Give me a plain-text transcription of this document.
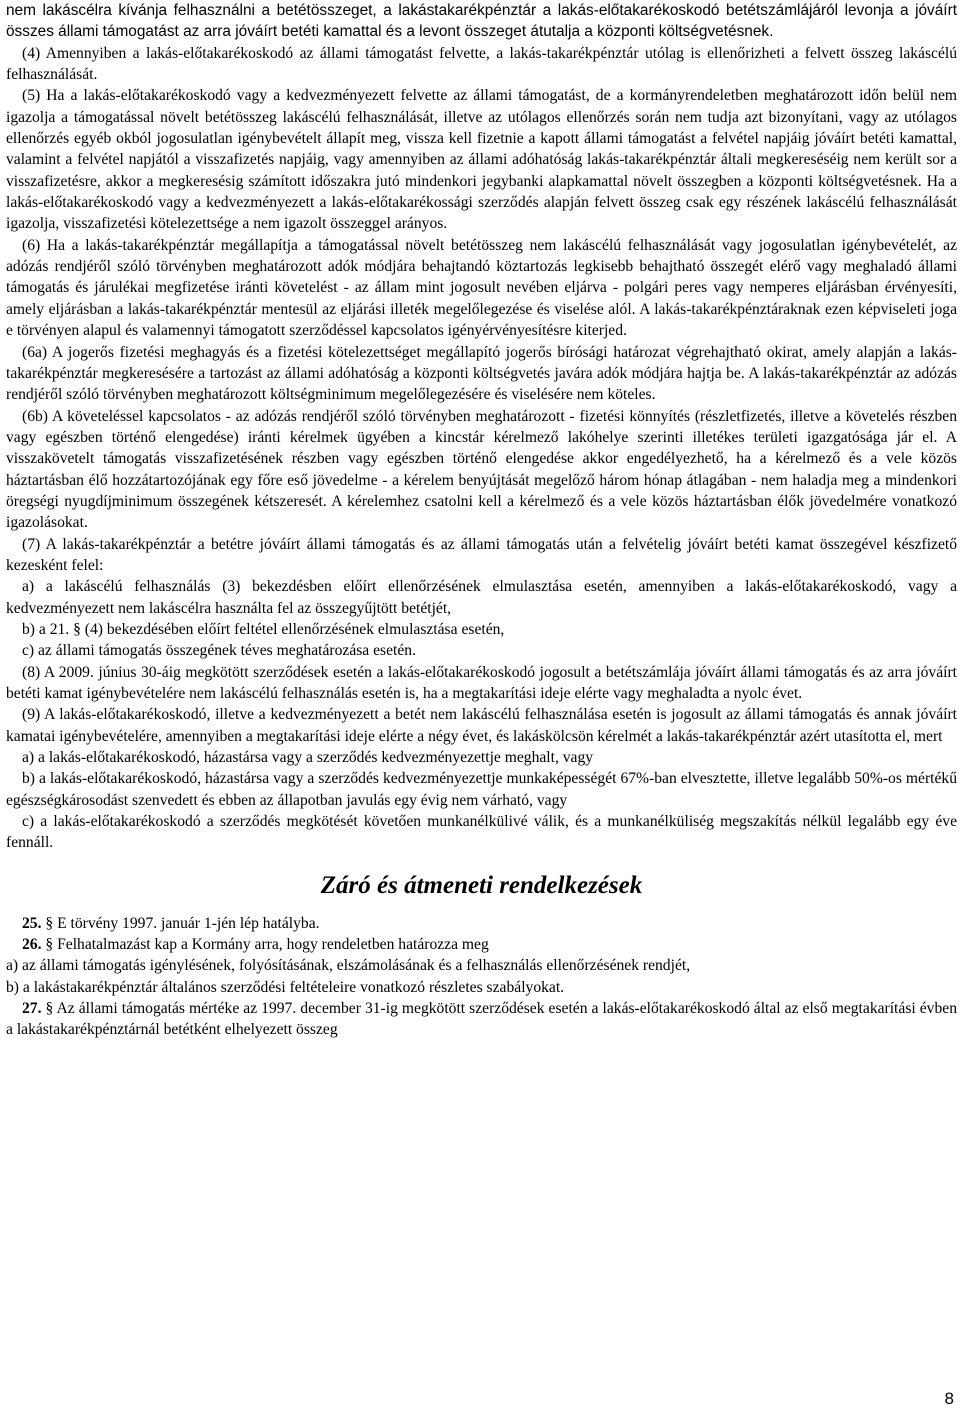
nem lakáscélra kívánja felhasználni a betétösszeget, a lakástakarékpénztár a lakás-előtakarékoskodó betétszámlájáról levonja a jóváírt összes állami támogatást az arra jóváírt betéti kamattal és a levont összeget átutalja a központi költségvetésnek.

(4) Amennyiben a lakás-előtakarékoskodó az állami támogatást felvette, a lakás-takarékpénztár utólag is ellenőrizheti a felvett összeg lakáscélú felhasználását.

(5) Ha a lakás-előtakarékoskodó vagy a kedvezményezett felvette az állami támogatást, de a kormányrendeletben meghatározott időn belül nem igazolja a támogatással növelt betétösszeg lakáscélú felhasználását, illetve az utólagos ellenőrzés során nem tudja azt bizonyítani, vagy az utólagos ellenőrzés egyéb okból jogosulatlan igénybevételt állapít meg, vissza kell fizetnie a kapott állami támogatást a felvétel napjáig jóváírt betéti kamattal, valamint a felvétel napjától a visszafizetés napjáig, vagy amennyiben az állami adóhatóság lakás-takarékpénztár általi megkereséséig nem került sor a visszafizetésre, akkor a megkeresésig számított időszakra jutó mindenkori jegybanki alapkamattal növelt összegben a központi költségvetésnek. Ha a lakás-előtakarékoskodó vagy a kedvezményezett a lakás-előtakarékossági szerződés alapján felvett összeg csak egy részének lakáscélú felhasználását igazolja, visszafizetési kötelezettsége a nem igazolt összeggel arányos.

(6) Ha a lakás-takarékpénztár megállapítja a támogatással növelt betétösszeg nem lakáscélú felhasználását vagy jogosulatlan igénybevételét, az adózás rendjéről szóló törvényben meghatározott adók módjára behajtandó köztartozás legkisebb behajtható összegét elérő vagy meghaladó állami támogatás és járulékai megfizetése iránti követelést - az állam mint jogosult nevében eljárva - polgári peres vagy nemperes eljárásban érvényesíti, amely eljárásban a lakás-takarékpénztár mentesül az eljárási illeték megelőlegezése és viselése alól. A lakás-takarékpénztáraknak ezen képviseleti joga e törvényen alapul és valamennyi támogatott szerződéssel kapcsolatos igényérvényesítésre kiterjed.

(6a) A jogerős fizetési meghagyás és a fizetési kötelezettséget megállapító jogerős bírósági határozat végrehajtható okirat, amely alapján a lakás-takarékpénztár megkeresésére a tartozást az állami adóhatóság a központi költségvetés javára adók módjára hajtja be. A lakás-takarékpénztár az adózás rendjéről szóló törvényben meghatározott költségminimum megelőlegezésére és viselésére nem köteles.

(6b) A követeléssel kapcsolatos - az adózás rendjéről szóló törvényben meghatározott - fizetési könnyítés (részletfizetés, illetve a követelés részben vagy egészben történő elengedése) iránti kérelmek ügyében a kincstár kérelmező lakóhelye szerinti illetékes területi igazgatósága jár el. A visszakövetelt támogatás visszafizetésének részben vagy egészben történő elengedése akkor engedélyezhető, ha a kérelmező és a vele közös háztartásban élő hozzátartozójának egy főre eső jövedelme - a kérelem benyújtását megelőző három hónap átlagában - nem haladja meg a mindenkori öregségi nyugdíjminimum összegének kétszeresét. A kérelemhez csatolni kell a kérelmező és a vele közös háztartásban élők jövedelmére vonatkozó igazolásokat.

(7) A lakás-takarékpénztár a betétre jóváírt állami támogatás és az állami támogatás után a felvételig jóváírt betéti kamat összegével készfizető kezesként felel:

a) a lakáscélú felhasználás (3) bekezdésben előírt ellenőrzésének elmulasztása esetén, amennyiben a lakás-előtakarékoskodó, vagy a kedvezményezett nem lakáscélra használta fel az összegyűjtött betétjét,

b) a 21. § (4) bekezdésében előírt feltétel ellenőrzésének elmulasztása esetén,

c) az állami támogatás összegének téves meghatározása esetén.

(8) A 2009. június 30-áig megkötött szerződések esetén a lakás-előtakarékoskodó jogosult a betétszámlája jóváírt állami támogatás és az arra jóváírt betéti kamat igénybevételére nem lakáscélú felhasználás esetén is, ha a megtakarítási ideje elérte vagy meghaladta a nyolc évet.

(9) A lakás-előtakarékoskodó, illetve a kedvezményezett a betét nem lakáscélú felhasználása esetén is jogosult az állami támogatás és annak jóváírt kamatai igénybevételére, amennyiben a megtakarítási ideje elérte a négy évet, és lakáskölcsön kérelmét a lakás-takarékpénztár azért utasította el, mert

a) a lakás-előtakarékoskodó, házastársa vagy a szerződés kedvezményezettje meghalt, vagy

b) a lakás-előtakarékoskodó, házastársa vagy a szerződés kedvezményezettje munkaképességét 67%-ban elvesztette, illetve legalább 50%-os mértékű egészségkárosodást szenvedett és ebben az állapotban javulás egy évig nem várható, vagy

c) a lakás-előtakarékoskodó a szerződés megkötését követően munkanélkülivé válik, és a munkanélküliség megszakítás nélkül legalább egy éve fennáll.

Záró és átmeneti rendelkezések

25. § E törvény 1997. január 1-jén lép hatályba.

26. § Felhatalmazást kap a Kormány arra, hogy rendeletben határozza meg

a) az állami támogatás igénylésének, folyósításának, elszámolásának és a felhasználás ellenőrzésének rendjét,

b) a lakástakarékpénztár általános szerződési feltételeire vonatkozó részletes szabályokat.

27. § Az állami támogatás mértéke az 1997. december 31-ig megkötött szerződések esetén a lakás-előtakarékoskodó által az első megtakarítási évben a lakástakarékpénztárnál betétként elhelyezett összeg

8
